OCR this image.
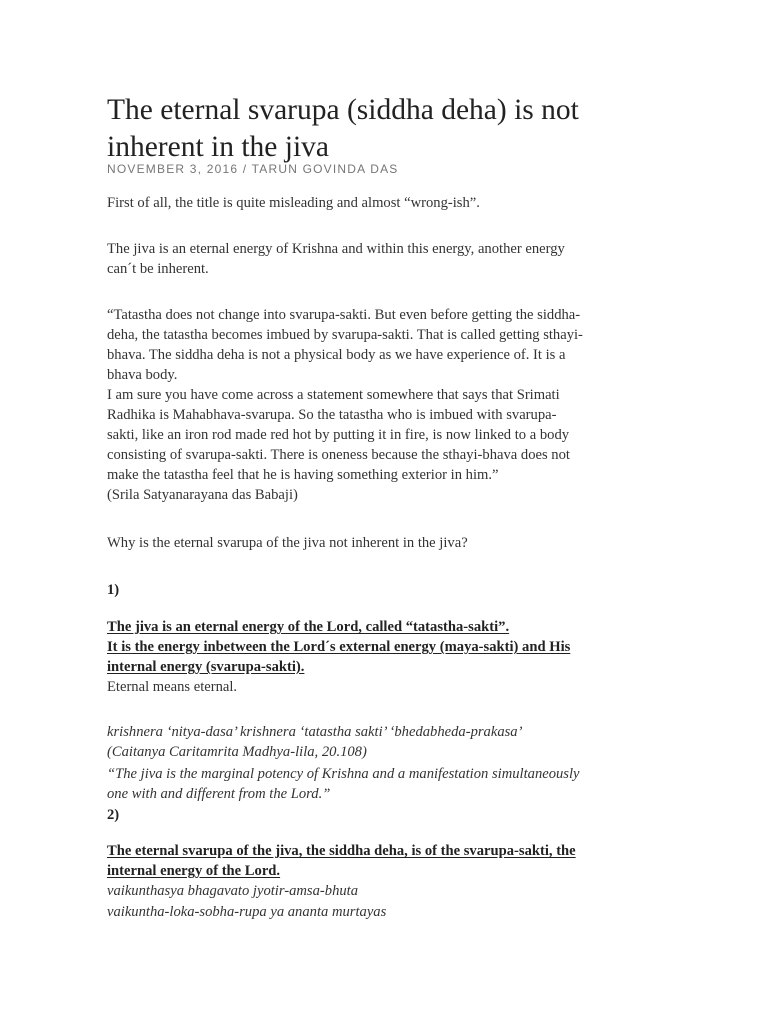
The eternal svarupa (siddha deha) is not
inherent in the jiva
NOVEMBER 3, 2016 / TARUN GOVINDA DAS
First of all, the title is quite misleading and almost “wrong-ish”.
The jiva is an eternal energy of Krishna and within this energy, another energy
can´t be inherent.
“Tatastha does not change into svarupa-sakti. But even before getting the siddha-
deha, the tatastha becomes imbued by svarupa-sakti. That is called getting sthayi-
bhava. The siddha deha is not a physical body as we have experience of. It is a
bhava body.
I am sure you have come across a statement somewhere that says that Srimati
Radhika is Mahabhava-svarupa. So the tatastha who is imbued with svarupa-
sakti, like an iron rod made red hot by putting it in fire, is now linked to a body
consisting of svarupa-sakti. There is oneness because the sthayi-bhava does not
make the tatastha feel that he is having something exterior in him.”
(Srila Satyanarayana das Babaji)
Why is the eternal svarupa of the jiva not inherent in the jiva?
1)
The jiva is an eternal energy of the Lord, called “tatastha-sakti”.
It is the energy inbetween the Lord´s external energy (maya-sakti) and His
internal energy (svarupa-sakti).
Eternal means eternal.
krishnera ‘nitya-dasa’ krishnera ‘tatastha sakti’ ‘bhedabheda-prakasa’
(Caitanya Caritamrita Madhya-lila, 20.108)
“The jiva is the marginal potency of Krishna and a manifestation simultaneously
one with and different from the Lord.”
2)
The eternal svarupa of the jiva, the siddha deha, is of the svarupa-sakti, the
internal energy of the Lord.
vaikunthasya bhagavato jyotir-amsa-bhuta
vaikuntha-loka-sobha-rupa ya ananta murtayas
